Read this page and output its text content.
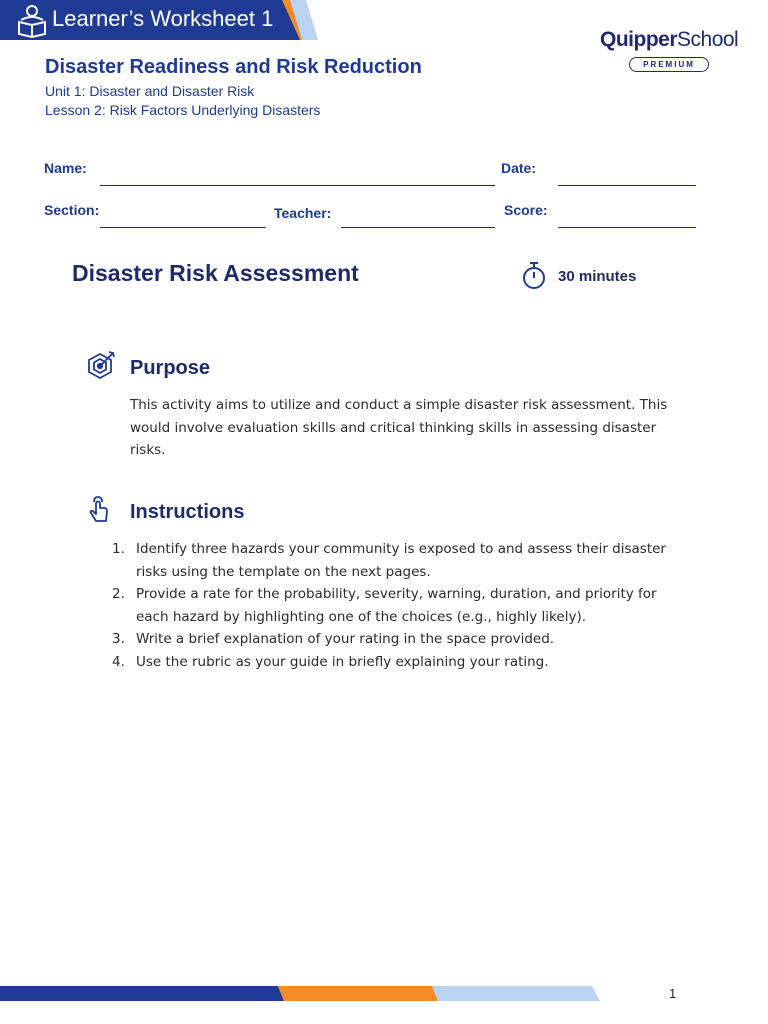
Learner’s Worksheet 1
QuipperSchool
PREMIUM
Disaster Readiness and Risk Reduction
Unit 1: Disaster and Disaster Risk
Lesson 2: Risk Factors Underlying Disasters
Name:	Date:
Section:	Teacher:	Score:
Disaster Risk Assessment	30 minutes
Purpose
This activity aims to utilize and conduct a simple disaster risk assessment. This would involve evaluation skills and critical thinking skills in assessing disaster risks.
Instructions
1. Identify three hazards your community is exposed to and assess their disaster risks using the template on the next pages.
2. Provide a rate for the probability, severity, warning, duration, and priority for each hazard by highlighting one of the choices (e.g., highly likely).
3. Write a brief explanation of your rating in the space provided.
4. Use the rubric as your guide in briefly explaining your rating.
1
